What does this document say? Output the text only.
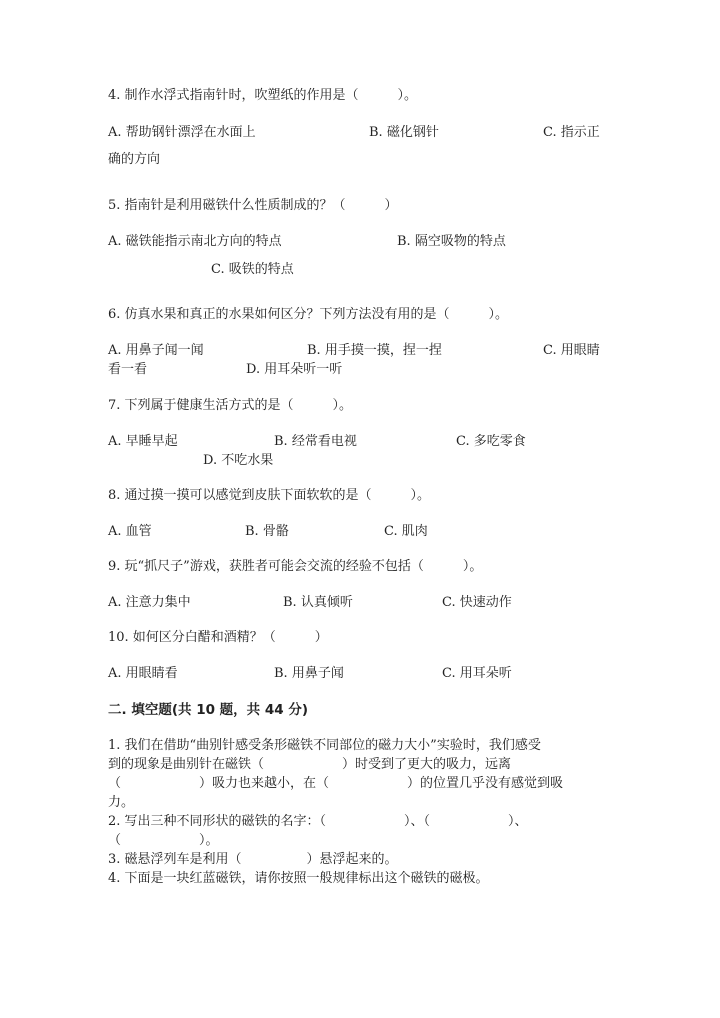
4. 制作水浮式指南针时，吹塑纸的作用是（　　　）。
A. 帮助钢针漂浮在水面上	B. 磁化钢针	C. 指示正
确的方向
5. 指南针是利用磁铁什么性质制成的？（　　　）
A. 磁铁能指示南北方向的特点	B. 隔空吸物的特点
C. 吸铁的特点
6. 仿真水果和真正的水果如何区分？下列方法没有用的是（　　　）。
A. 用鼻子闻一闻	B. 用手摸一摸，捏一捏	C. 用眼睛
看一看	D. 用耳朵听一听
7. 下列属于健康生活方式的是（　　　）。
A. 早睡早起	B. 经常看电视	C. 多吃零食
D. 不吃水果
8. 通过摸一摸可以感觉到皮肤下面软软的是（　　　）。
A. 血管	B. 骨骼	C. 肌肉
9. 玩“抓尺子”游戏，获胜者可能会交流的经验不包括（　　　）。
A. 注意力集中	B. 认真倾听	C. 快速动作
10. 如何区分白醋和酒精？（　　　）
A. 用眼睛看	B. 用鼻子闻	C. 用耳朵听
二. 填空题(共 10 题，共 44 分)
1. 我们在借助“曲别针感受条形磁铁不同部位的磁力大小”实验时，我们感受
到的现象是曲别针在磁铁（　　　　　　）时受到了更大的吸力，远离
（　　　　　　）吸力也来越小，在（　　　　　　）的位置几乎没有感觉到吸
力。
2. 写出三种不同形状的磁铁的名字：（　　　　　　）、（　　　　　　）、
（　　　　　　）。
3. 磁悬浮列车是利用（　　　　　）悬浮起来的。
4. 下面是一块红蓝磁铁，请你按照一般规律标出这个磁铁的磁极。
